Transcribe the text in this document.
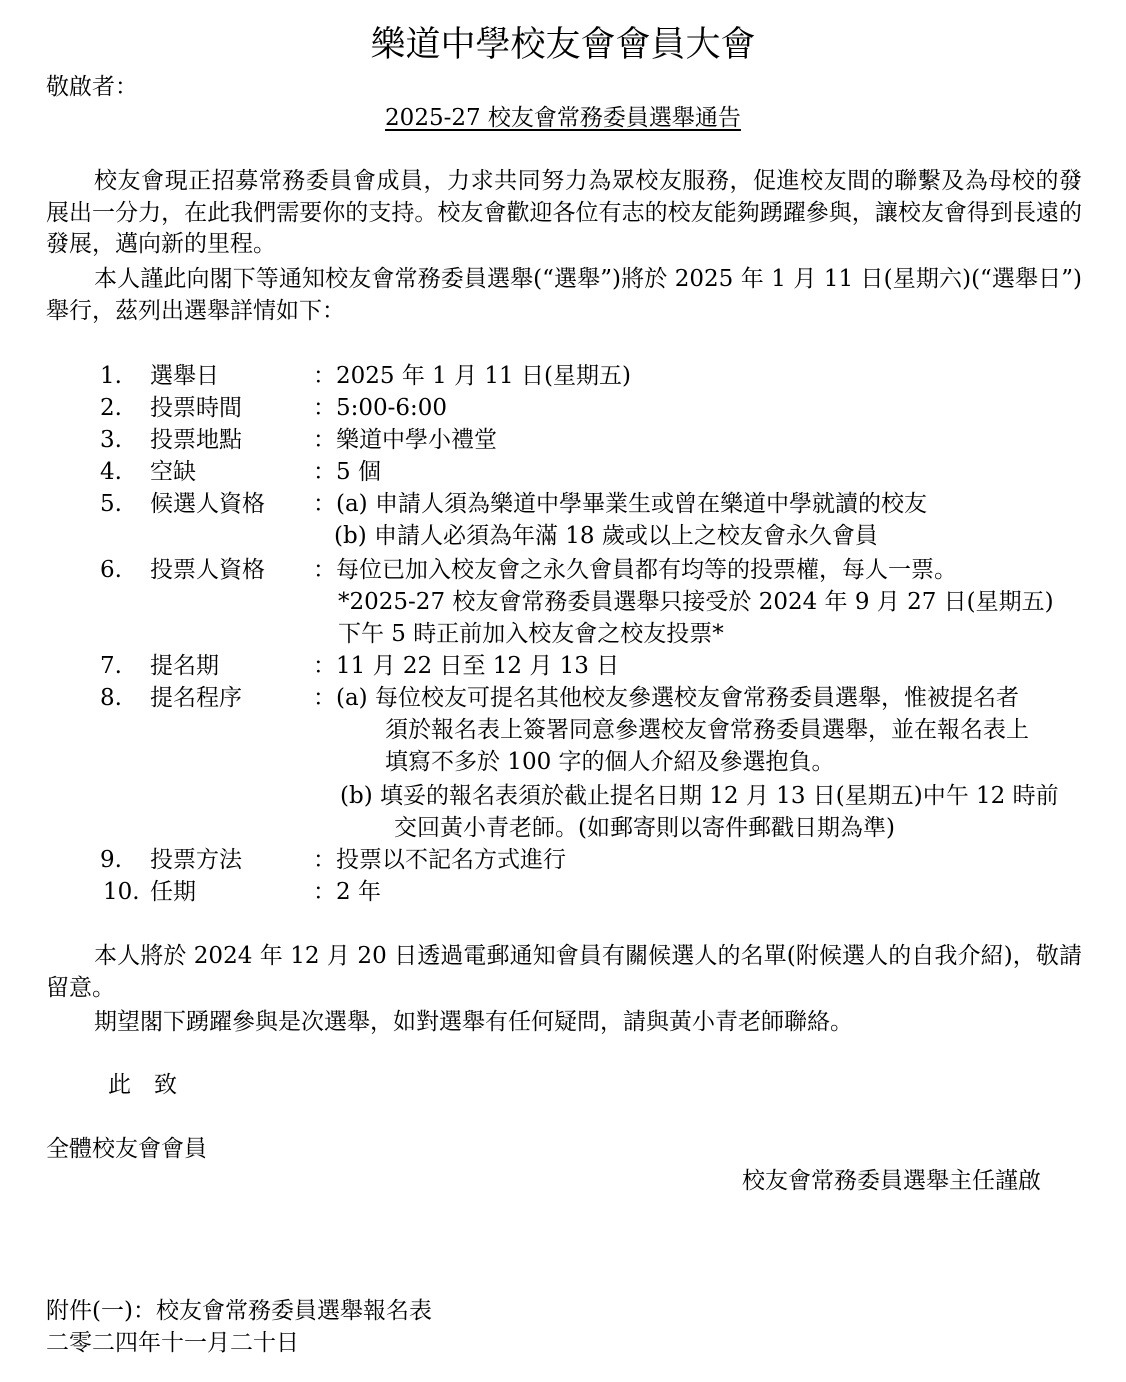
樂道中學校友會會員大會
敬啟者：
2025-27 校友會常務委員選舉通告
校友會現正招募常務委員會成員，力求共同努力為眾校友服務，促進校友間的聯繫及為母校的發展出一分力，在此我們需要你的支持。校友會歡迎各位有志的校友能夠踴躍參與，讓校友會得到長遠的發展，邁向新的里程。
本人謹此向閣下等通知校友會常務委員選舉(“選舉”)將於 2025 年 1 月 11 日(星期六)(“選舉日”)舉行，茲列出選舉詳情如下：
1. 選舉日	：2025 年 1 月 11 日(星期五)
2. 投票時間	：5:00-6:00
3. 投票地點	：樂道中學小禮堂
4. 空缺	：5 個
5. 候選人資格 ：(a) 申請人須為樂道中學畢業生或曾在樂道中學就讀的校友
(b) 申請人必須為年滿 18 歲或以上之校友會永久會員
6. 投票人資格 ：每位已加入校友會之永久會員都有均等的投票權，每人一票。
*2025-27 校友會常務委員選舉只接受於 2024 年 9 月 27 日(星期五)
下午 5 時正前加入校友會之校友投票*
7. 提名期	：11 月 22 日至 12 月 13 日
8. 提名程序	：(a) 每位校友可提名其他校友參選校友會常務委員選舉，惟被提名者
須於報名表上簽署同意參選校友會常務委員選舉，並在報名表上
填寫不多於 100 字的個人介紹及參選抱負。
(b) 填妥的報名表須於截止提名日期 12 月 13 日(星期五)中午 12 時前
交回黃小青老師。(如郵寄則以寄件郵戳日期為準)
9. 投票方法	：投票以不記名方式進行
10. 任期	：2 年
本人將於 2024 年 12 月 20 日透過電郵通知會員有關候選人的名單(附候選人的自我介紹)，敬請留意。
期望閣下踴躍參與是次選舉，如對選舉有任何疑問，請與黃小青老師聯絡。
此　致
全體校友會會員
校友會常務委員選舉主任謹啟
附件(一)：校友會常務委員選舉報名表
二零二四年十一月二十日
